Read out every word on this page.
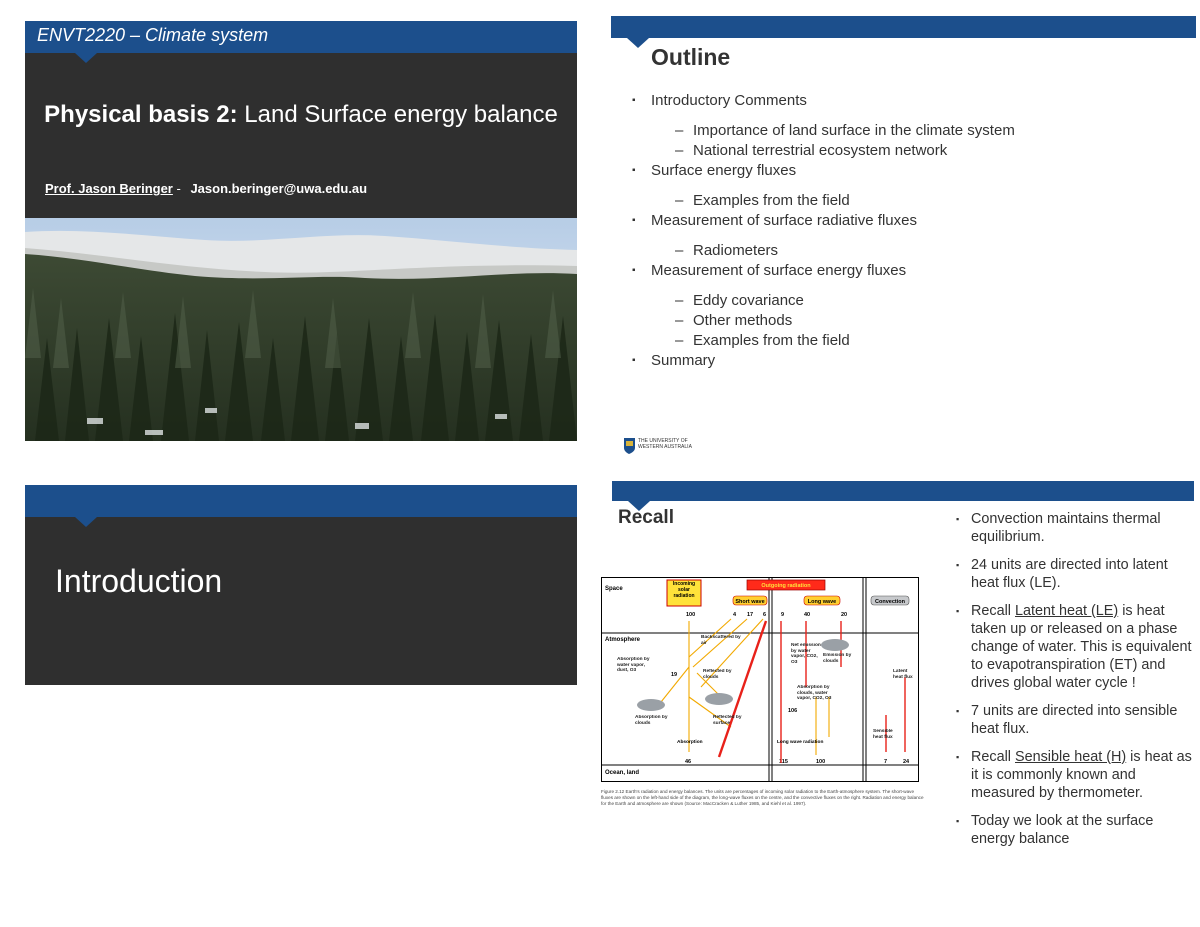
ENVT2220 – Climate system
Physical basis 2: Land Surface energy balance
Prof. Jason Beringer - Jason.beringer@uwa.edu.au
Outline
▪ Introductory Comments
– Importance of land surface in the climate system
– National terrestrial ecosystem network
▪ Surface energy fluxes
– Examples from the field
▪ Measurement of surface radiative fluxes
– Radiometers
▪ Measurement of surface energy fluxes
– Eddy covariance
– Other methods
– Examples from the field
▪ Summary
THE UNIVERSITY OF WESTERN AUSTRALIA
Introduction
Recall
Space
Atmosphere
Ocean, land
Incoming solar radiation
Outgoing radiation
Short wave	Long wave	Convection
100	4 17 6	9	40	20
19
106
46	115	100	7	24
Backscattered by air
Absorption by water vapor, dust, O3	Reflected by clouds
Reflected by surface
Absorption by clouds
Absorption
Net emission by water vapor, CO2, O3
Emission by clouds
Absorption by clouds, water vapor, CO2, O3
Long wave radiation
Latent heat flux
Sensible heat flux
Figure 2.12 Earth's radiation and energy balances. The units are percentages of incoming solar radiation to the Earth-atmosphere system. The short-wave fluxes are shown on the left-hand side of the diagram, the long-wave fluxes on the centre, and the convective fluxes on the right. Radiation and energy balance for the Earth and atmosphere are shown (Source: MacCracken & Luther 1985, and Kiehl et al. 1997).
▪ Convection maintains thermal equilibrium.
▪ 24 units are directed into latent heat flux (LE).
▪ Recall Latent heat (LE) is heat taken up or released on a phase change of water. This is equivalent to evapotranspiration (ET) and drives global water cycle !
▪ 7 units are directed into sensible heat flux.
▪ Recall Sensible heat (H) is heat as it is commonly known and measured by thermometer.
▪ Today we look at the surface energy balance
